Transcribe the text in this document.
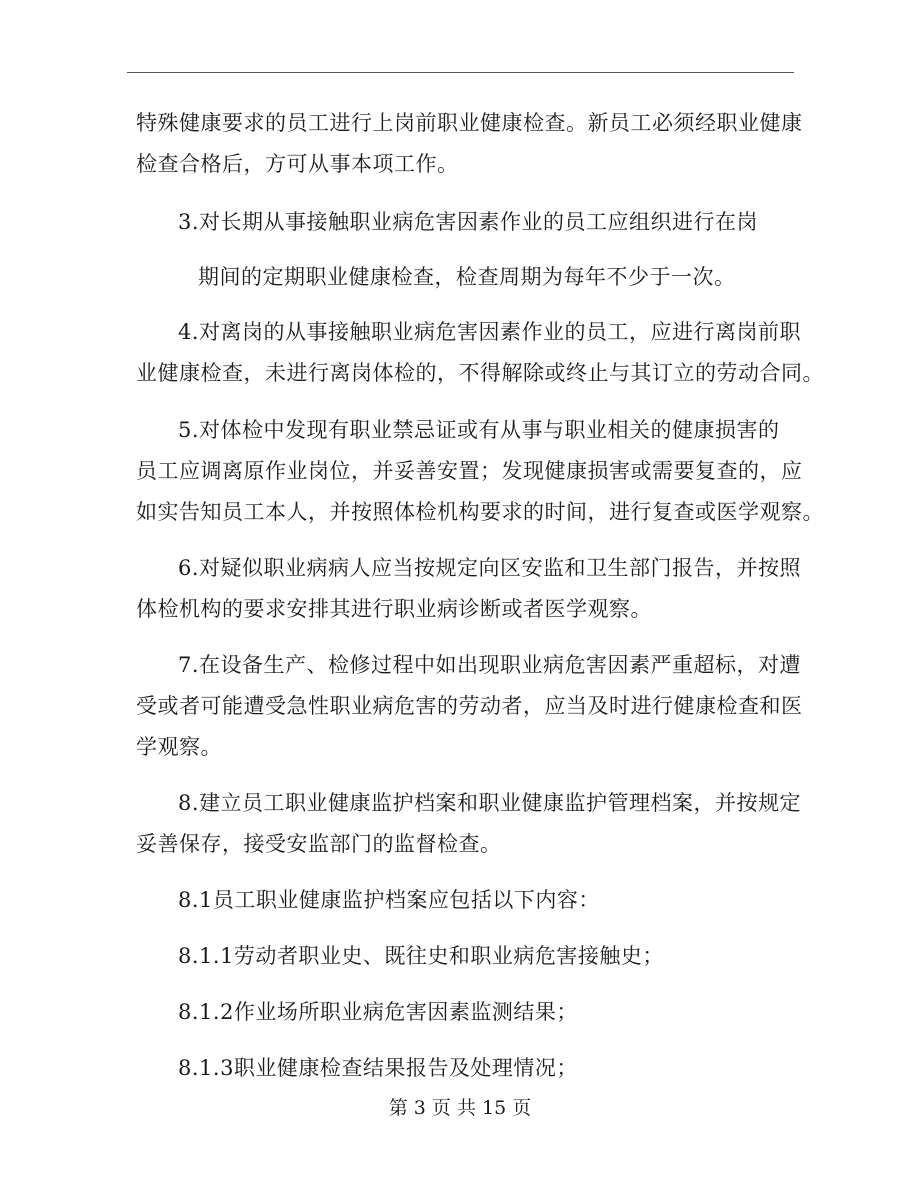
特殊健康要求的员工进行上岗前职业健康检查。新员工必须经职业健康
检查合格后，方可从事本项工作。
3.对长期从事接触职业病危害因素作业的员工应组织进行在岗
期间的定期职业健康检查，检查周期为每年不少于一次。
4.对离岗的从事接触职业病危害因素作业的员工，应进行离岗前职
业健康检查，未进行离岗体检的，不得解除或终止与其订立的劳动合同。
5.对体检中发现有职业禁忌证或有从事与职业相关的健康损害的
员工应调离原作业岗位，并妥善安置；发现健康损害或需要复查的，应
如实告知员工本人，并按照体检机构要求的时间，进行复查或医学观察。
6.对疑似职业病病人应当按规定向区安监和卫生部门报告，并按照
体检机构的要求安排其进行职业病诊断或者医学观察。
7.在设备生产、检修过程中如出现职业病危害因素严重超标，对遭
受或者可能遭受急性职业病危害的劳动者，应当及时进行健康检查和医
学观察。
8.建立员工职业健康监护档案和职业健康监护管理档案，并按规定
妥善保存，接受安监部门的监督检查。
8.1员工职业健康监护档案应包括以下内容：
8.1.1劳动者职业史、既往史和职业病危害接触史；
8.1.2作业场所职业病危害因素监测结果；
8.1.3职业健康检查结果报告及处理情况；
第 3 页 共 15 页
